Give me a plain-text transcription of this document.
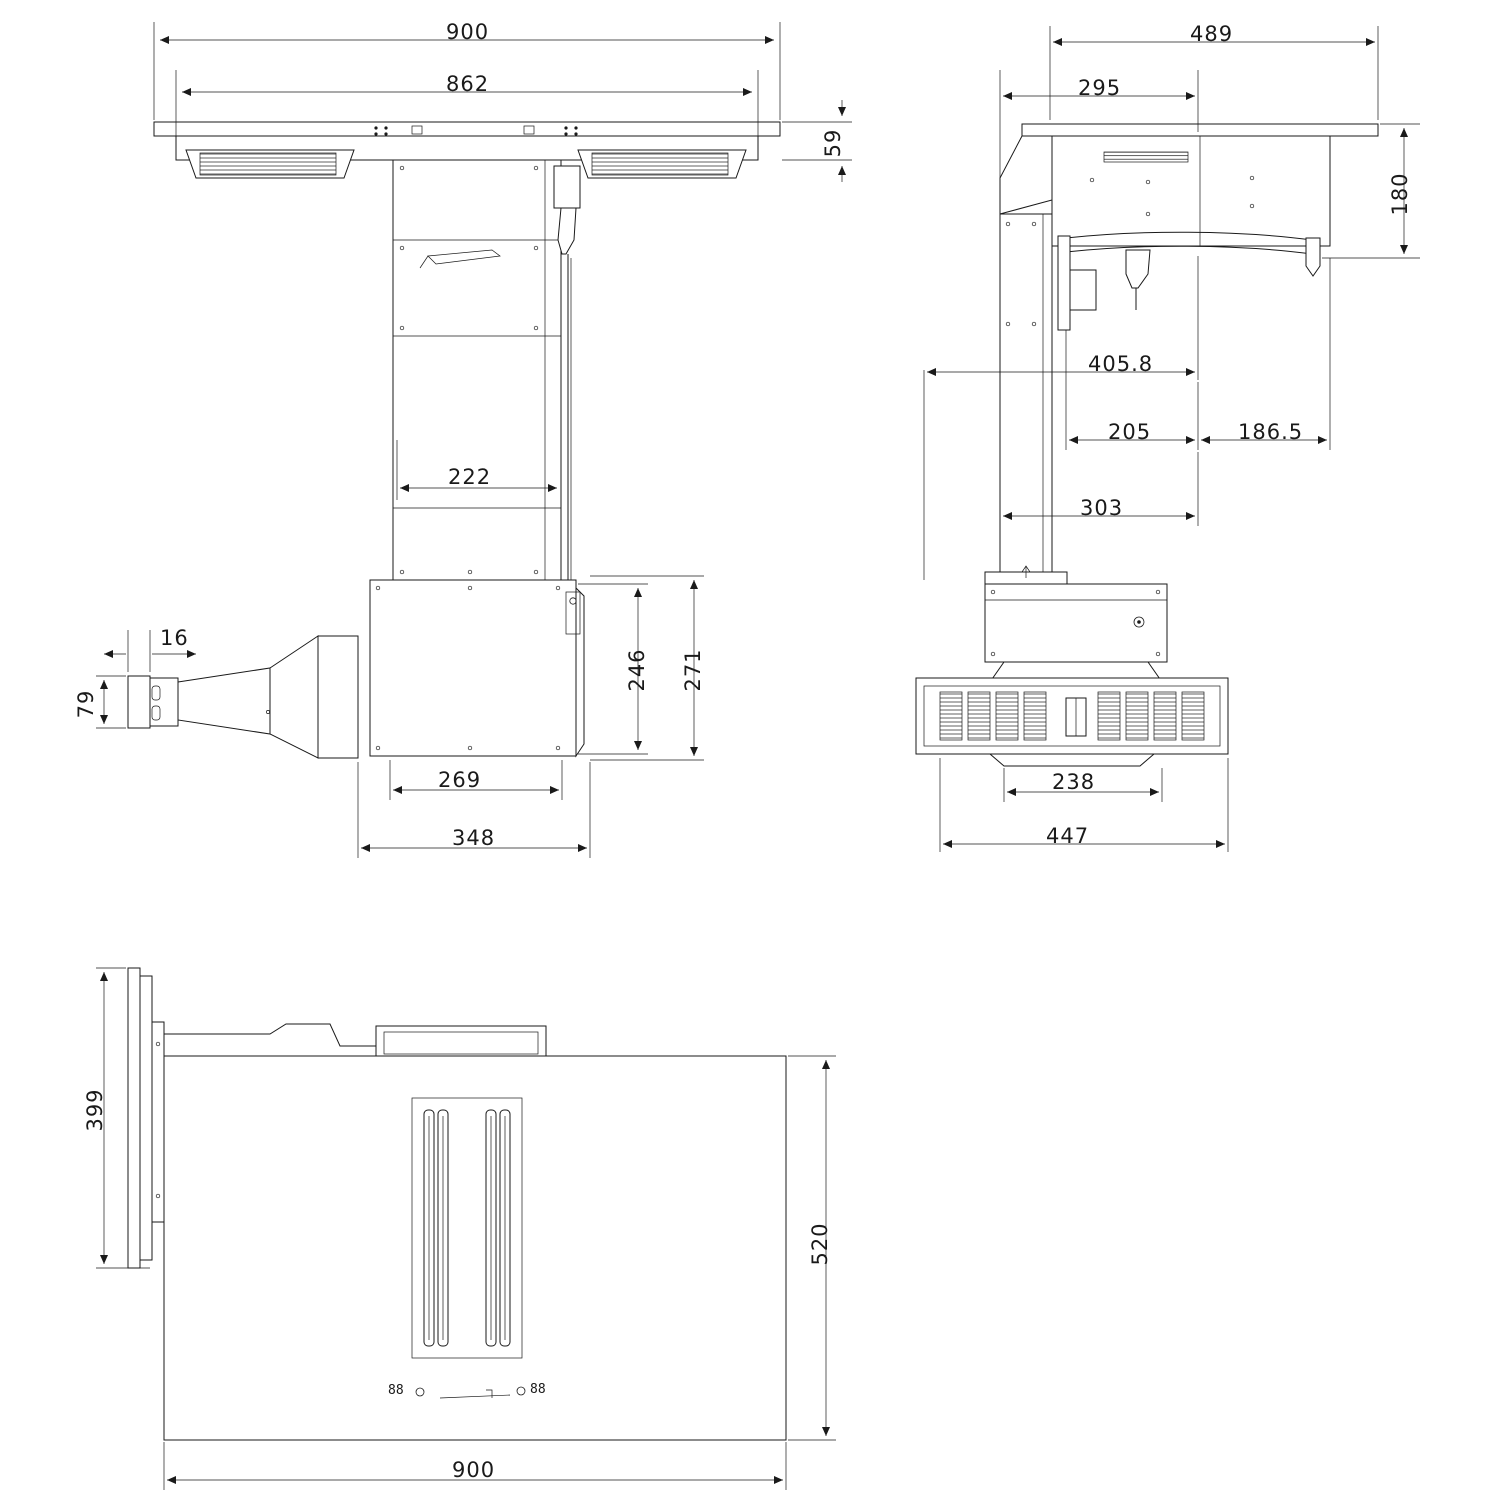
900
862
59
222
246 271
269
348
16
79
489
295
180
405.8
205	186.5
303
238
447
399
520
900
88	88
